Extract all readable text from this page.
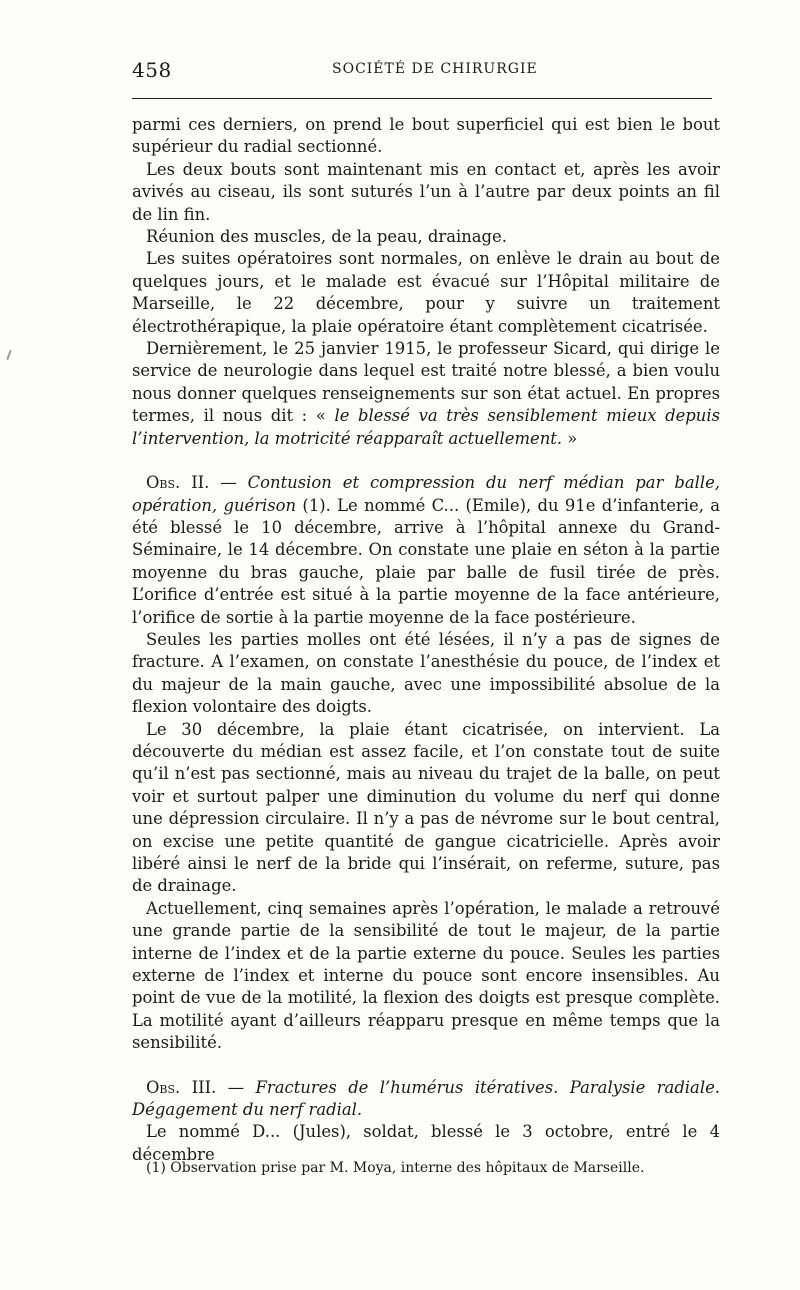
458	SOCIÉTÉ DE CHIRURGIE

parmi ces derniers, on prend le bout superficiel qui est bien le bout supérieur du radial sectionné.

Les deux bouts sont maintenant mis en contact et, après les avoir avivés au ciseau, ils sont suturés l’un à l’autre par deux points an fil de lin fin.

Réunion des muscles, de la peau, drainage.

Les suites opératoires sont normales, on enlève le drain au bout de quelques jours, et le malade est évacué sur l’Hôpital militaire de Marseille, le 22 décembre, pour y suivre un traitement électrothérapique, la plaie opératoire étant complètement cicatrisée.

Dernièrement, le 25 janvier 1915, le professeur Sicard, qui dirige le service de neurologie dans lequel est traité notre blessé, a bien voulu nous donner quelques renseignements sur son état actuel. En propres termes, il nous dit : « le blessé va très sensiblement mieux depuis l’intervention, la motricité réapparaît actuellement. »

Obs. II. — Contusion et compression du nerf médian par balle, opération, guérison (1). Le nommé C... (Emile), du 91e d’infanterie, a été blessé le 10 décembre, arrive à l’hôpital annexe du Grand-Séminaire, le 14 décembre. On constate une plaie en séton à la partie moyenne du bras gauche, plaie par balle de fusil tirée de près. L’orifice d’entrée est situé à la partie moyenne de la face antérieure, l’orifice de sortie à la partie moyenne de la face postérieure.

Seules les parties molles ont été lésées, il n’y a pas de signes de fracture. A l’examen, on constate l’anesthésie du pouce, de l’index et du majeur de la main gauche, avec une impossibilité absolue de la flexion volontaire des doigts.

Le 30 décembre, la plaie étant cicatrisée, on intervient. La découverte du médian est assez facile, et l’on constate tout de suite qu’il n’est pas sectionné, mais au niveau du trajet de la balle, on peut voir et surtout palper une diminution du volume du nerf qui donne une dépression circulaire. Il n’y a pas de névrome sur le bout central, on excise une petite quantité de gangue cicatricielle. Après avoir libéré ainsi le nerf de la bride qui l’insérait, on referme, suture, pas de drainage.

Actuellement, cinq semaines après l’opération, le malade a retrouvé une grande partie de la sensibilité de tout le majeur, de la partie interne de l’index et de la partie externe du pouce. Seules les parties externe de l’index et interne du pouce sont encore insensibles. Au point de vue de la motilité, la flexion des doigts est presque complète. La motilité ayant d’ailleurs réapparu presque en même temps que la sensibilité.

Obs. III. — Fractures de l’humérus itératives. Paralysie radiale. Dégagement du nerf radial.

Le nommé D... (Jules), soldat, blessé le 3 octobre, entré le 4 décembre

(1) Observation prise par M. Moya, interne des hôpitaux de Marseille.
